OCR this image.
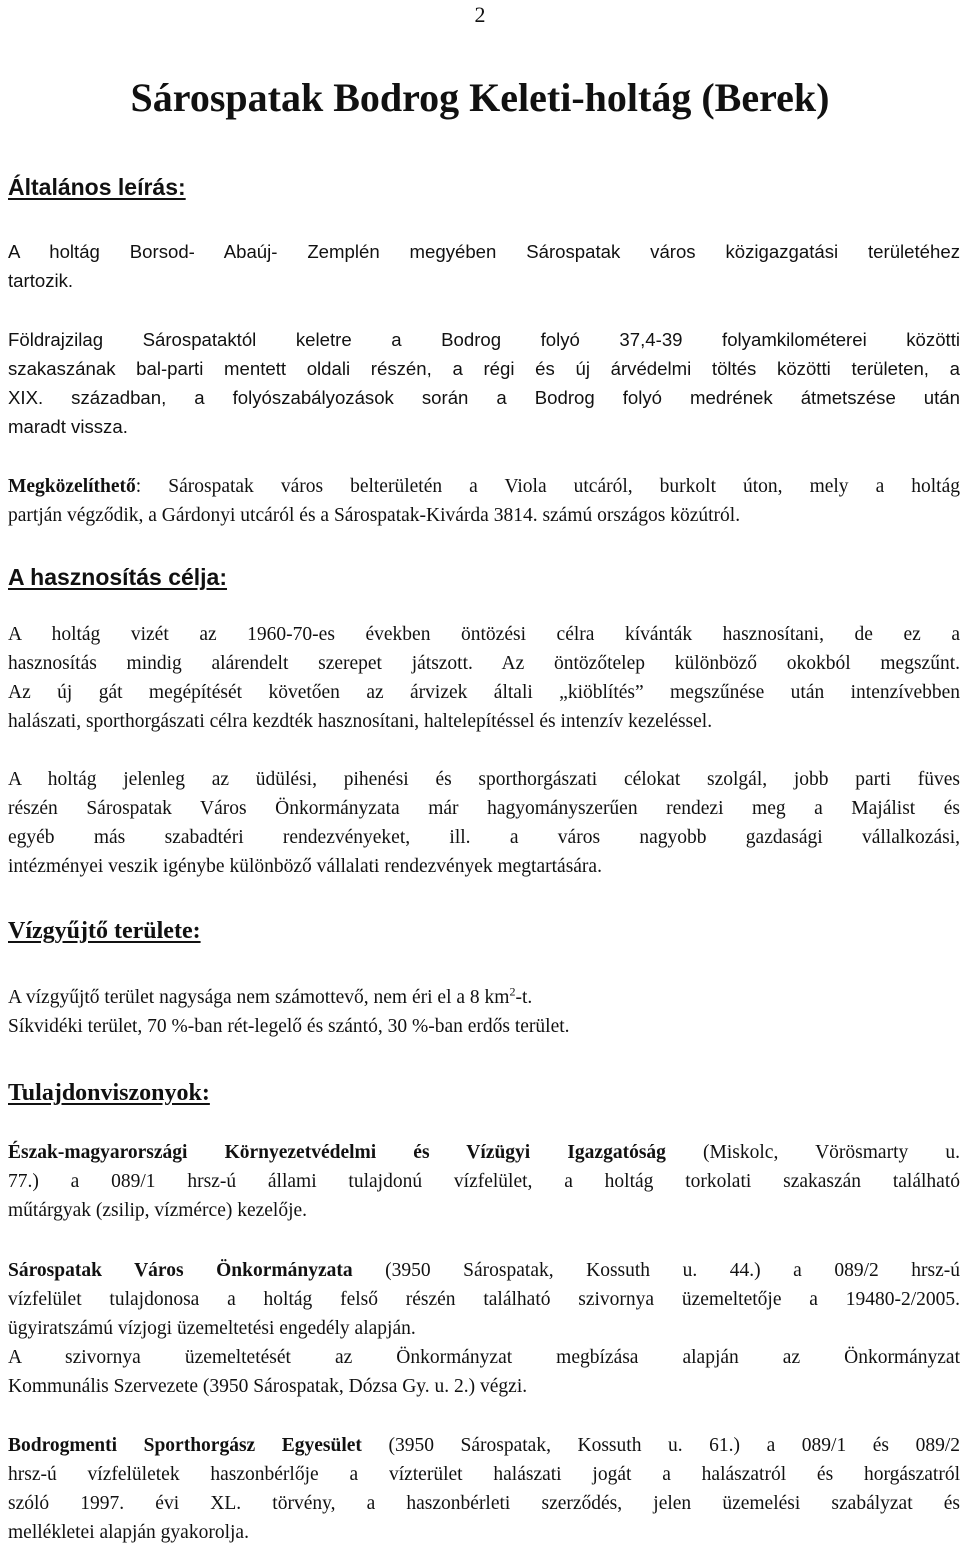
2
Sárospatak Bodrog Keleti-holtág (Berek)
Általános leírás:

A holtág Borsod- Abaúj- Zemplén megyében Sárospatak város közigazgatási területéhez
tartozik.

Földrajzilag Sárospataktól keletre a Bodrog folyó 37,4-39 folyamkilométerei közötti
szakaszának bal-parti mentett oldali részén, a régi és új árvédelmi töltés közötti területen, a
XIX. században, a folyószabályozások során a Bodrog folyó medrének átmetszése után
maradt vissza.

Megközelíthető: Sárospatak város belterületén a Viola utcáról, burkolt úton, mely a holtág
partján végződik, a Gárdonyi utcáról és a Sárospatak-Kivárda 3814. számú országos közútról.

A hasznosítás célja:

A holtág vizét az 1960-70-es években öntözési célra kívánták hasznosítani, de ez a
hasznosítás mindig alárendelt szerepet játszott. Az öntözőtelep különböző okokból megszűnt.
Az új gát megépítését követően az árvizek általi „kiöblítés” megszűnése után intenzívebben
halászati, sporthorgászati célra kezdték hasznosítani, haltelepítéssel és intenzív kezeléssel.

A holtág jelenleg az üdülési, pihenési és sporthorgászati célokat szolgál, jobb parti füves
részén Sárospatak Város Önkormányzata már hagyományszerűen rendezi meg a Majálist és
egyéb más szabadtéri rendezvényeket, ill. a város nagyobb gazdasági vállalkozási,
intézményei veszik igénybe különböző vállalati rendezvények megtartására.

Vízgyűjtő területe:

A vízgyűjtő terület nagysága nem számottevő, nem éri el a 8 $km^2-t$.
Síkvidéki terület, 70 %-ban rét-legelő és szántó, 30 %-ban erdős terület.

Tulajdonviszonyok:

Észak-magyarországi Környezetvédelmi és Vízügyi Igazgatóság (Miskolc, Vörösmarty u.
77.) a 089/1 hrsz-ú állami tulajdonú vízfelület, a holtág torkolati szakaszán található
műtárgyak (zsilip, vízmérce) kezelője.

Sárospatak Város Önkormányzata (3950 Sárospatak, Kossuth u. 44.) a 089/2 hrsz-ú
vízfelület tulajdonosa a holtág felső részén található szivornya üzemeltetője a 19480-2/2005.
ügyiratszámú vízjogi üzemeltetési engedély alapján.
A szivornya üzemeltetését az Önkormányzat megbízása alapján az Önkormányzat
Kommunális Szervezete (3950 Sárospatak, Dózsa Gy. u. 2.) végzi.

Bodrogmenti Sporthorgász Egyesület (3950 Sárospatak, Kossuth u. 61.) a 089/1 és 089/2
hrsz-ú vízfelületek haszonbérlője a vízterület halászati jogát a halászatról és horgászatról
szóló 1997. évi XL. törvény, a haszonbérleti szerződés, jelen üzemelési szabályzat és
mellékletei alapján gyakorolja.
